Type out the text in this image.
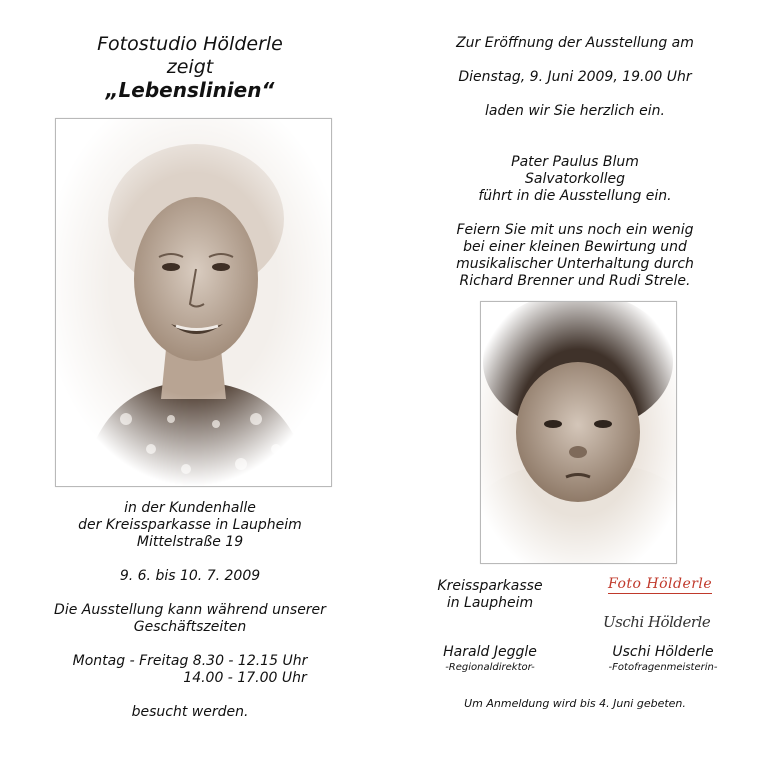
Fotostudio Hölderle
zeigt
„Lebenslinien“
in der Kundenhalle
der Kreissparkasse in Laupheim
Mittelstraße 19
9. 6. bis 10. 7. 2009
Die Ausstellung kann während unserer
Geschäftszeiten
Montag - Freitag 8.30 - 12.15 Uhr
14.00 - 17.00 Uhr
besucht werden.
Zur Eröffnung der Ausstellung am
Dienstag, 9. Juni 2009, 19.00 Uhr
laden wir Sie herzlich ein.
Pater Paulus Blum
Salvatorkolleg
führt in die Ausstellung ein.
Feiern Sie mit uns noch ein wenig
bei einer kleinen Bewirtung und
musikalischer Unterhaltung durch
Richard Brenner und Rudi Strele.
Kreissparkasse
in Laupheim
Foto Hölderle
Uschi Hölderle
Harald Jeggle
-Regionaldirektor-
Uschi Hölderle
-Fotofragenmeisterin-
Um Anmeldung wird bis 4. Juni gebeten.
